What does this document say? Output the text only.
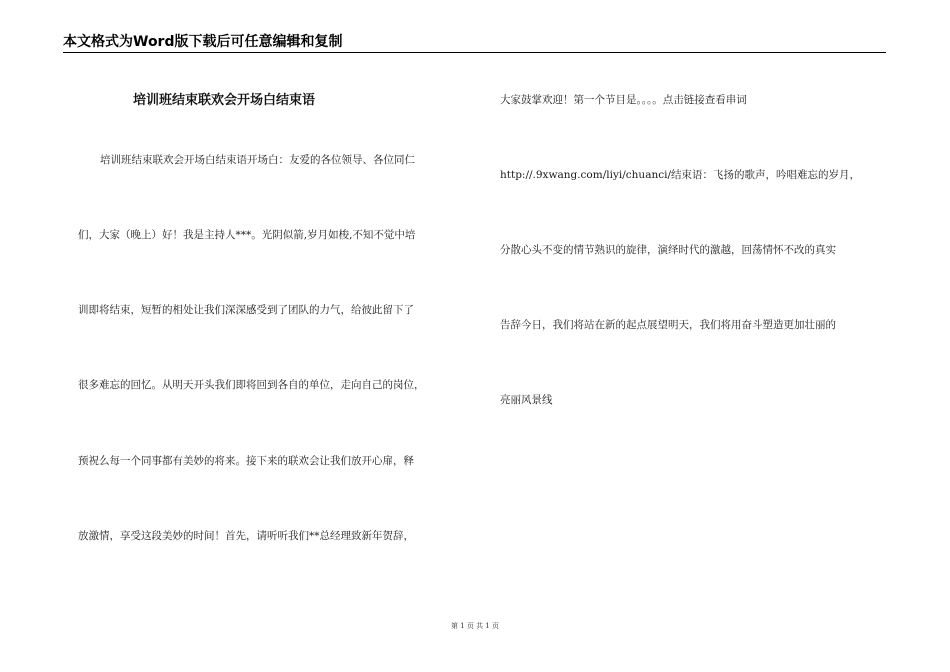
本文格式为Word版下载后可任意编辑和复制
培训班结束联欢会开场白结束语
培训班结束联欢会开场白结束语开场白：友爱的各位领导、各位同仁
们，大家（晚上）好！我是主持人***。光阴似箭,岁月如梭,不知不觉中培
训即将结束，短暂的相处让我们深深感受到了团队的力气，给彼此留下了
很多难忘的回忆。从明天开头我们即将回到各自的单位，走向自己的岗位，
预祝么每一个同事都有美妙的将来。接下来的联欢会让我们放开心扉，释
放激情，享受这段美妙的时间！首先，请听听我们**总经理致新年贺辞，
大家鼓掌欢迎！第一个节目是。。。。点击链接查看串词
http://.9xwang.com/liyi/chuanci/结束语：飞扬的歌声，吟唱难忘的岁月，
分散心头不变的情节熟识的旋律，演绎时代的激越，回荡情怀不改的真实
告辞今日，我们将站在新的起点展望明天，我们将用奋斗塑造更加壮丽的
亮丽风景线
第 1 页 共 1 页
